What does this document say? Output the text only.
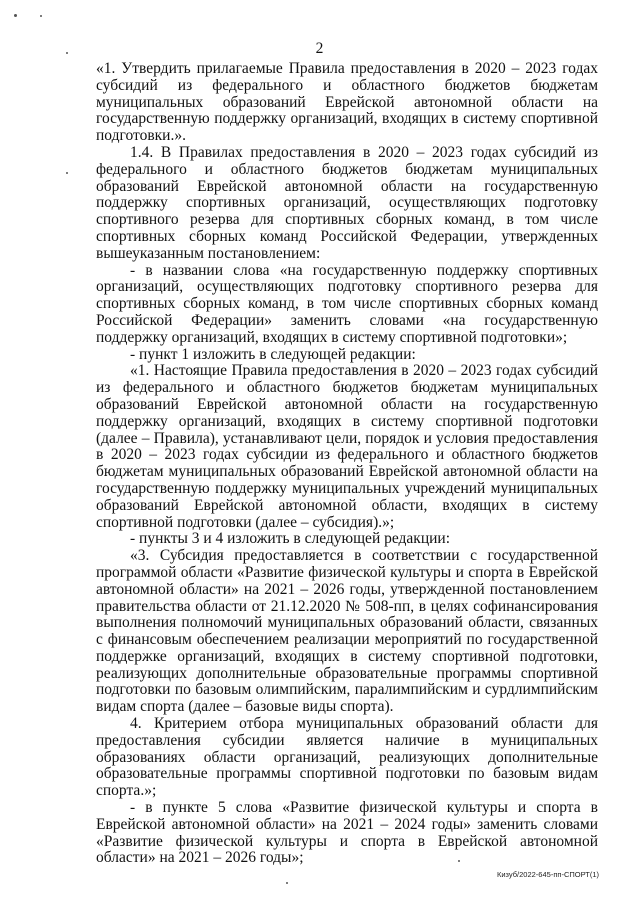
2

«1. Утвердить прилагаемые Правила предоставления в 2020 – 2023 годах субсидий из федерального и областного бюджетов бюджетам муниципальных образований Еврейской автономной области на государственную поддержку организаций, входящих в систему спортивной подготовки.».

1.4. В Правилах предоставления в 2020 – 2023 годах субсидий из федерального и областного бюджетов бюджетам муниципальных образований Еврейской автономной области на государственную поддержку спортивных организаций, осуществляющих подготовку спортивного резерва для спортивных сборных команд, в том числе спортивных сборных команд Российской Федерации, утвержденных вышеуказанным постановлением:

- в названии слова «на государственную поддержку спортивных организаций, осуществляющих подготовку спортивного резерва для спортивных сборных команд, в том числе спортивных сборных команд Российской Федерации» заменить словами «на государственную поддержку организаций, входящих в систему спортивной подготовки»;

- пункт 1 изложить в следующей редакции:

«1. Настоящие Правила предоставления в 2020 – 2023 годах субсидий из федерального и областного бюджетов бюджетам муниципальных образований Еврейской автономной области на государственную поддержку организаций, входящих в систему спортивной подготовки (далее – Правила), устанавливают цели, порядок и условия предоставления в 2020 – 2023 годах субсидии из федерального и областного бюджетов бюджетам муниципальных образований Еврейской автономной области на государственную поддержку муниципальных учреждений муниципальных образований Еврейской автономной области, входящих в систему спортивной подготовки (далее – субсидия).»;

- пункты 3 и 4 изложить в следующей редакции:

«3. Субсидия предоставляется в соответствии с государственной программой области «Развитие физической культуры и спорта в Еврейской автономной области» на 2021 – 2026 годы, утвержденной постановлением правительства области от 21.12.2020 № 508-пп, в целях софинансирования выполнения полномочий муниципальных образований области, связанных с финансовым обеспечением реализации мероприятий по государственной поддержке организаций, входящих в систему спортивной подготовки, реализующих дополнительные образовательные программы спортивной подготовки по базовым олимпийским, паралимпийским и сурдлимпийским видам спорта (далее – базовые виды спорта).

4. Критерием отбора муниципальных образований области для предоставления субсидии является наличие в муниципальных образованиях области организаций, реализующих дополнительные образовательные программы спортивной подготовки по базовым видам спорта.»;

- в пункте 5 слова «Развитие физической культуры и спорта в Еврейской автономной области» на 2021 – 2024 годы» заменить словами «Развитие физической культуры и спорта в Еврейской автономной области» на 2021 – 2026 годы»;

Кизуб/2022-645-пп-СПОРТ(1)
